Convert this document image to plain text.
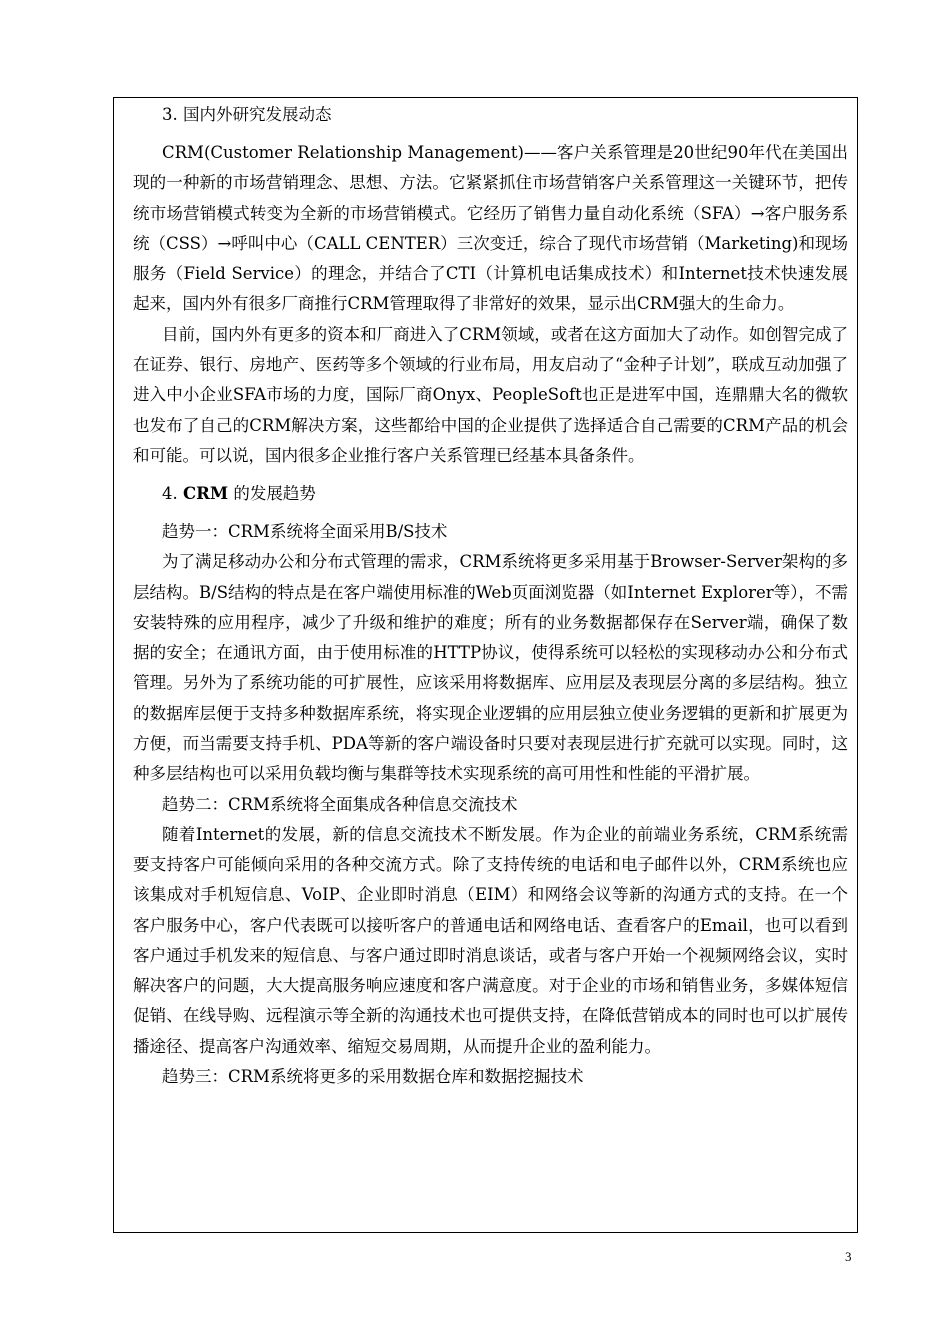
3. 国内外研究发展动态

CRM(Customer Relationship Management)——客户关系管理是20世纪90年代在美国出现的一种新的市场营销理念、思想、方法。它紧紧抓住市场营销客户关系管理这一关键环节，把传统市场营销模式转变为全新的市场营销模式。它经历了销售力量自动化系统（SFA）→客户服务系统（CSS）→呼叫中心（CALL CENTER）三次变迁，综合了现代市场营销（Marketing)和现场服务（Field Service）的理念，并结合了CTI（计算机电话集成技术）和Internet技术快速发展起来，国内外有很多厂商推行CRM管理取得了非常好的效果，显示出CRM强大的生命力。

目前，国内外有更多的资本和厂商进入了CRM领域，或者在这方面加大了动作。如创智完成了在证券、银行、房地产、医药等多个领域的行业布局，用友启动了“金种子计划”，联成互动加强了进入中小企业SFA市场的力度，国际厂商Onyx、PeopleSoft也正是进军中国，连鼎鼎大名的微软也发布了自己的CRM解决方案，这些都给中国的企业提供了选择适合自己需要的CRM产品的机会和可能。可以说，国内很多企业推行客户关系管理已经基本具备条件。

4. CRM 的发展趋势

趋势一：CRM系统将全面采用B/S技术

为了满足移动办公和分布式管理的需求，CRM系统将更多采用基于Browser-Server架构的多层结构。B/S结构的特点是在客户端使用标准的Web页面浏览器（如Internet Explorer等），不需安装特殊的应用程序，减少了升级和维护的难度；所有的业务数据都保存在Server端，确保了数据的安全；在通讯方面，由于使用标准的HTTP协议，使得系统可以轻松的实现移动办公和分布式管理。另外为了系统功能的可扩展性，应该采用将数据库、应用层及表现层分离的多层结构。独立的数据库层便于支持多种数据库系统，将实现企业逻辑的应用层独立使业务逻辑的更新和扩展更为方便，而当需要支持手机、PDA等新的客户端设备时只要对表现层进行扩充就可以实现。同时，这种多层结构也可以采用负载均衡与集群等技术实现系统的高可用性和性能的平滑扩展。

趋势二：CRM系统将全面集成各种信息交流技术

随着Internet的发展，新的信息交流技术不断发展。作为企业的前端业务系统，CRM系统需要支持客户可能倾向采用的各种交流方式。除了支持传统的电话和电子邮件以外，CRM系统也应该集成对手机短信息、VoIP、企业即时消息（EIM）和网络会议等新的沟通方式的支持。在一个客户服务中心，客户代表既可以接听客户的普通电话和网络电话、查看客户的Email，也可以看到客户通过手机发来的短信息、与客户通过即时消息谈话，或者与客户开始一个视频网络会议，实时解决客户的问题，大大提高服务响应速度和客户满意度。对于企业的市场和销售业务，多媒体短信促销、在线导购、远程演示等全新的沟通技术也可提供支持，在降低营销成本的同时也可以扩展传播途径、提高客户沟通效率、缩短交易周期，从而提升企业的盈利能力。

趋势三：CRM系统将更多的采用数据仓库和数据挖掘技术

3
